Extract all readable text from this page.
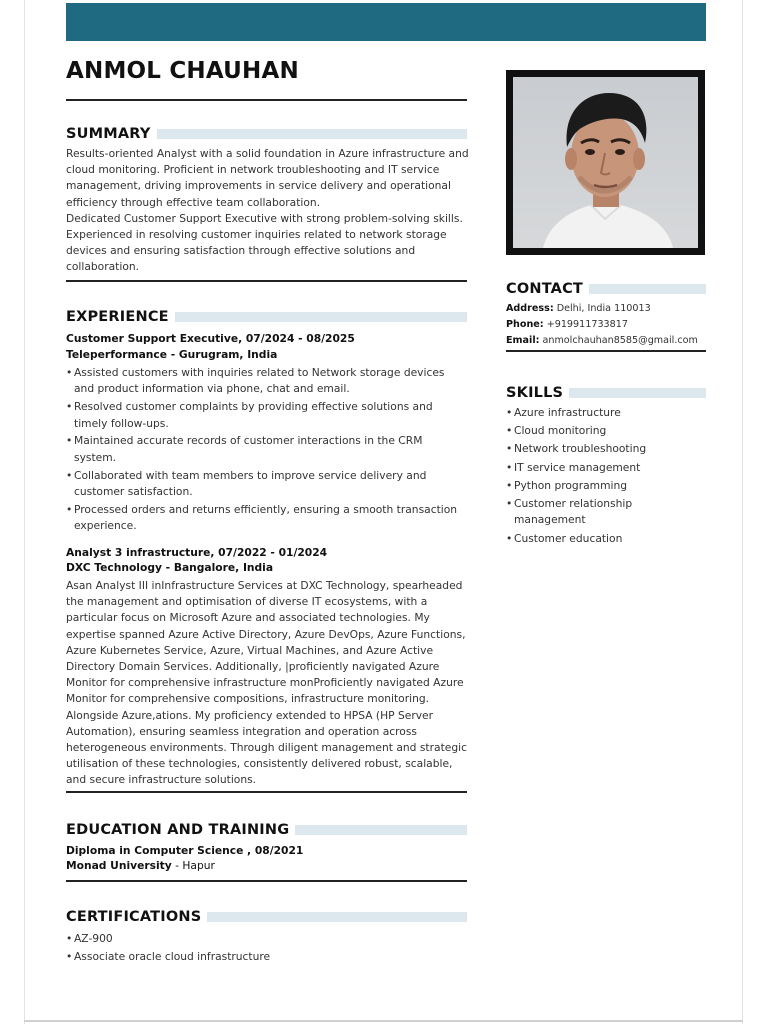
ANMOL CHAUHAN
SUMMARY

Results-oriented Analyst with a solid foundation in Azure infrastructure and cloud monitoring. Proficient in network troubleshooting and IT service management, driving improvements in service delivery and operational efficiency through effective team collaboration.
Dedicated Customer Support Executive with strong problem-solving skills. Experienced in resolving customer inquiries related to network storage devices and ensuring satisfaction through effective solutions and collaboration.

EXPERIENCE
Customer Support Executive, 07/2024 - 08/2025
Teleperformance - Gurugram, India
• Assisted customers with inquiries related to Network storage devices and product information via phone, chat and email.
• Resolved customer complaints by providing effective solutions and timely follow-ups.
• Maintained accurate records of customer interactions in the CRM system.
• Collaborated with team members to improve service delivery and customer satisfaction.
• Processed orders and returns efficiently, ensuring a smooth transaction experience.
Analyst 3 infrastructure, 07/2022 - 01/2024
DXC Technology - Bangalore, India

Asan Analyst III inInfrastructure Services at DXC Technology, spearheaded the management and optimisation of diverse IT ecosystems, with a particular focus on Microsoft Azure and associated technologies. My expertise spanned Azure Active Directory, Azure DevOps, Azure Functions, Azure Kubernetes Service, Azure, Virtual Machines, and Azure Active Directory Domain Services. Additionally, |proficiently navigated Azure Monitor for comprehensive infrastructure monProficiently navigated Azure Monitor for comprehensive compositions, infrastructure monitoring. Alongside Azure,ations. My proficiency extended to HPSA (HP Server Automation), ensuring seamless integration and operation across heterogeneous environments. Through diligent management and strategic utilisation of these technologies, consistently delivered robust, scalable, and secure infrastructure solutions.

EDUCATION AND TRAINING
Diploma in Computer Science , 08/2021
Monad University - Hapur
CERTIFICATIONS
• AZ-900
• Associate oracle cloud infrastructure
CONTACT
Address: Delhi, India 110013
Phone: +919911733817
Email: anmolchauhan8585@gmail.com
SKILLS
• Azure infrastructure
• Cloud monitoring
• Network troubleshooting
• IT service management
• Python programming
• Customer relationship management
• Customer education
